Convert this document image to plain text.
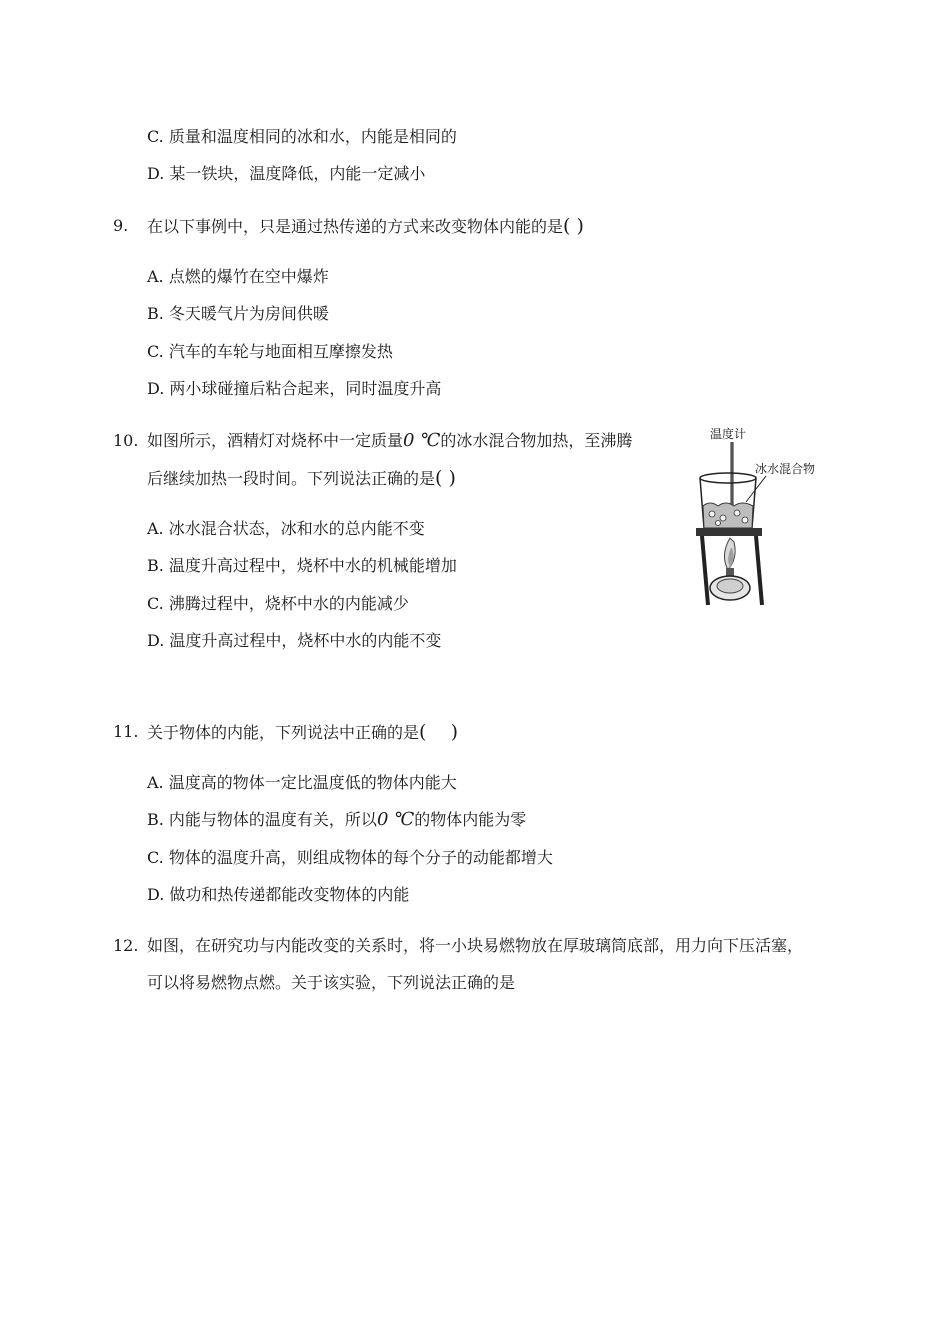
C. 质量和温度相同的冰和水，内能是相同的
D. 某一铁块，温度降低，内能一定减小
9. 在以下事例中，只是通过热传递的方式来改变物体内能的是( )
A. 点燃的爆竹在空中爆炸
B. 冬天暖气片为房间供暖
C. 汽车的车轮与地面相互摩擦发热
D. 两小球碰撞后粘合起来，同时温度升高
10. 如图所示，酒精灯对烧杯中一定质量0 ℃的冰水混合物加热，至沸腾
后继续加热一段时间。下列说法正确的是( )
A. 冰水混合状态，冰和水的总内能不变
B. 温度升高过程中，烧杯中水的机械能增加
C. 沸腾过程中，烧杯中水的内能减少
D. 温度升高过程中，烧杯中水的内能不变
温度计
冰水混合物
11. 关于物体的内能，下列说法中正确的是(    )
A. 温度高的物体一定比温度低的物体内能大
B. 内能与物体的温度有关，所以0 ℃的物体内能为零
C. 物体的温度升高，则组成物体的每个分子的动能都增大
D. 做功和热传递都能改变物体的内能
12. 如图，在研究功与内能改变的关系时，将一小块易燃物放在厚玻璃筒底部，用力向下压活塞，
可以将易燃物点燃。关于该实验，下列说法正确的是
